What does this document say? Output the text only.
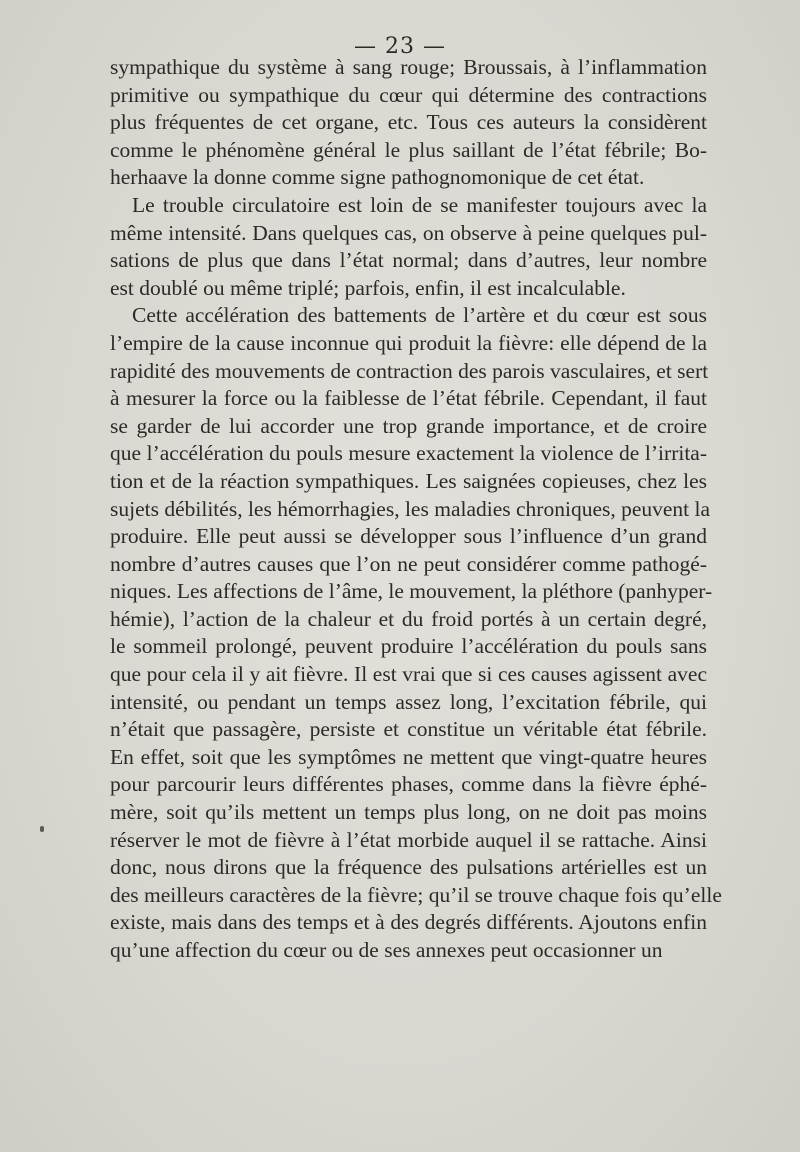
— 23 —
sympathique du système à sang rouge; Broussais, à l’inflammation
primitive ou sympathique du cœur qui détermine des contractions
plus fréquentes de cet organe, etc. Tous ces auteurs la considèrent
comme le phénomène général le plus saillant de l’état fébrile; Bo-
herhaave la donne comme signe pathognomonique de cet état.
Le trouble circulatoire est loin de se manifester toujours avec la
même intensité. Dans quelques cas, on observe à peine quelques pul-
sations de plus que dans l’état normal; dans d’autres, leur nombre
est doublé ou même triplé; parfois, enfin, il est incalculable.
Cette accélération des battements de l’artère et du cœur est sous
l’empire de la cause inconnue qui produit la fièvre: elle dépend de la
rapidité des mouvements de contraction des parois vasculaires, et sert
à mesurer la force ou la faiblesse de l’état fébrile. Cependant, il faut
se garder de lui accorder une trop grande importance, et de croire
que l’accélération du pouls mesure exactement la violence de l’irrita-
tion et de la réaction sympathiques. Les saignées copieuses, chez les
sujets débilités, les hémorrhagies, les maladies chroniques, peuvent la
produire. Elle peut aussi se développer sous l’influence d’un grand
nombre d’autres causes que l’on ne peut considérer comme pathogé-
niques. Les affections de l’âme, le mouvement, la pléthore (panhyper-
hémie), l’action de la chaleur et du froid portés à un certain degré,
le sommeil prolongé, peuvent produire l’accélération du pouls sans
que pour cela il y ait fièvre. Il est vrai que si ces causes agissent avec
intensité, ou pendant un temps assez long, l’excitation fébrile, qui
n’était que passagère, persiste et constitue un véritable état fébrile.
En effet, soit que les symptômes ne mettent que vingt-quatre heures
pour parcourir leurs différentes phases, comme dans la fièvre éphé-
mère, soit qu’ils mettent un temps plus long, on ne doit pas moins
réserver le mot de fièvre à l’état morbide auquel il se rattache. Ainsi
donc, nous dirons que la fréquence des pulsations artérielles est un
des meilleurs caractères de la fièvre; qu’il se trouve chaque fois qu’elle
existe, mais dans des temps et à des degrés différents. Ajoutons enfin
qu’une affection du cœur ou de ses annexes peut occasionner un
